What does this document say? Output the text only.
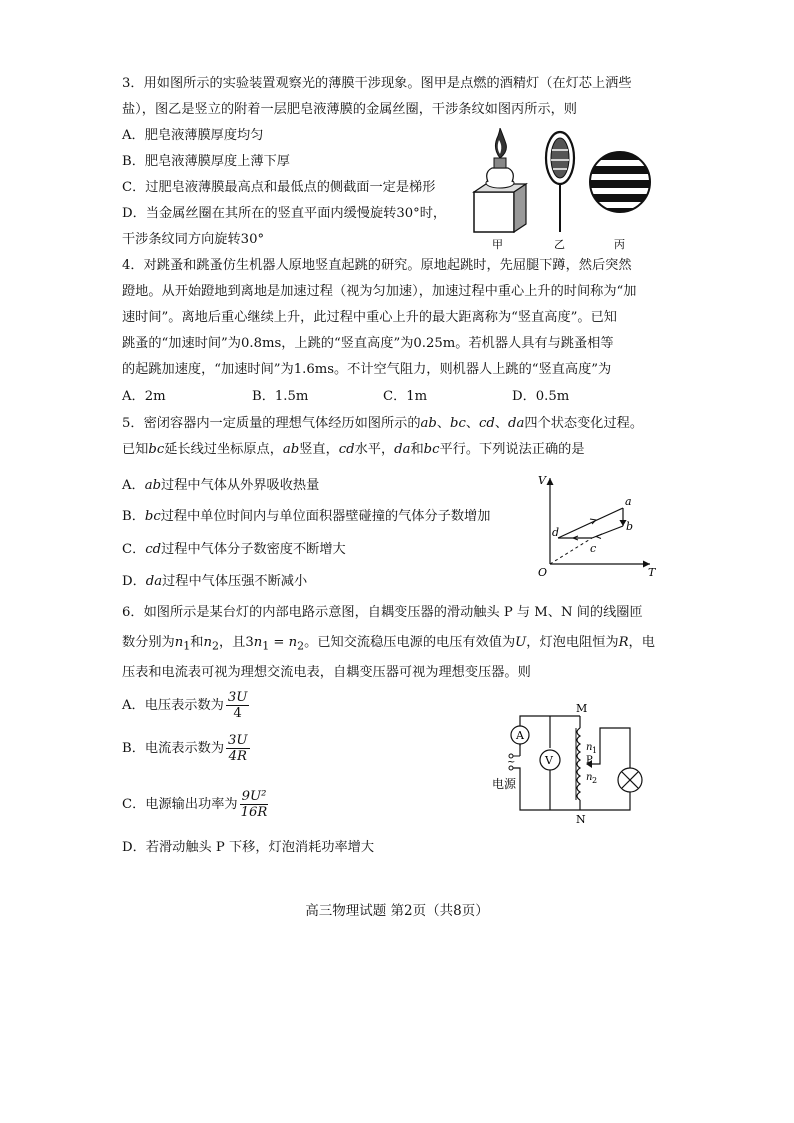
3．用如图所示的实验装置观察光的薄膜干涉现象。图甲是点燃的酒精灯（在灯芯上洒些
盐），图乙是竖立的附着一层肥皂液薄膜的金属丝圈，干涉条纹如图丙所示，则
A．肥皂液薄膜厚度均匀
B．肥皂液薄膜厚度上薄下厚
C．过肥皂液薄膜最高点和最低点的侧截面一定是梯形
D．当金属丝圈在其所在的竖直平面内缓慢旋转30°时，
干涉条纹同方向旋转30°	甲	乙	丙
4．对跳蚤和跳蚤仿生机器人原地竖直起跳的研究。原地起跳时，先屈腿下蹲，然后突然
蹬地。从开始蹬地到离地是加速过程（视为匀加速），加速过程中重心上升的时间称为“加
速时间”。离地后重心继续上升，此过程中重心上升的最大距离称为“竖直高度”。已知
跳蚤的“加速时间”为0.8ms，上跳的“竖直高度”为0.25m。若机器人具有与跳蚤相等
的起跳加速度，“加速时间”为1.6ms。不计空气阻力，则机器人上跳的“竖直高度”为
A．2m	B．1.5m	C．1m	D．0.5m
5．密闭容器内一定质量的理想气体经历如图所示的ab、bc、cd、da四个状态变化过程。
已知bc延长线过坐标原点，ab竖直，cd水平，da和bc平行。下列说法正确的是
A．ab过程中气体从外界吸收热量
B．bc过程中单位时间内与单位面积器壁碰撞的气体分子数增加
C．cd过程中气体分子数密度不断增大
D．da过程中气体压强不断减小
V
T
O
a
b
c
d
6．如图所示是某台灯的内部电路示意图，自耦变压器的滑动触头 P 与 M、N 间的线圈匝
数分别为$n_1$和$n_2$，且$3n_1 = n_2$。已知交流稳压电源的电压有效值为U，灯泡电阻恒为R，电
压表和电流表可视为理想交流电表，自耦变压器可视为理想变压器。则
A．电压表示数为 $\frac{3U}{4}$
B．电流表示数为 $\frac{3U}{4R}$
C．电源输出功率为 $\frac{\text{9U²}}{16R}$
D．若滑动触头 P 下移，灯泡消耗功率增大
A
V
~
电源
M
N
n 1
P
n 2
高三物理试题 第2页（共8页）
